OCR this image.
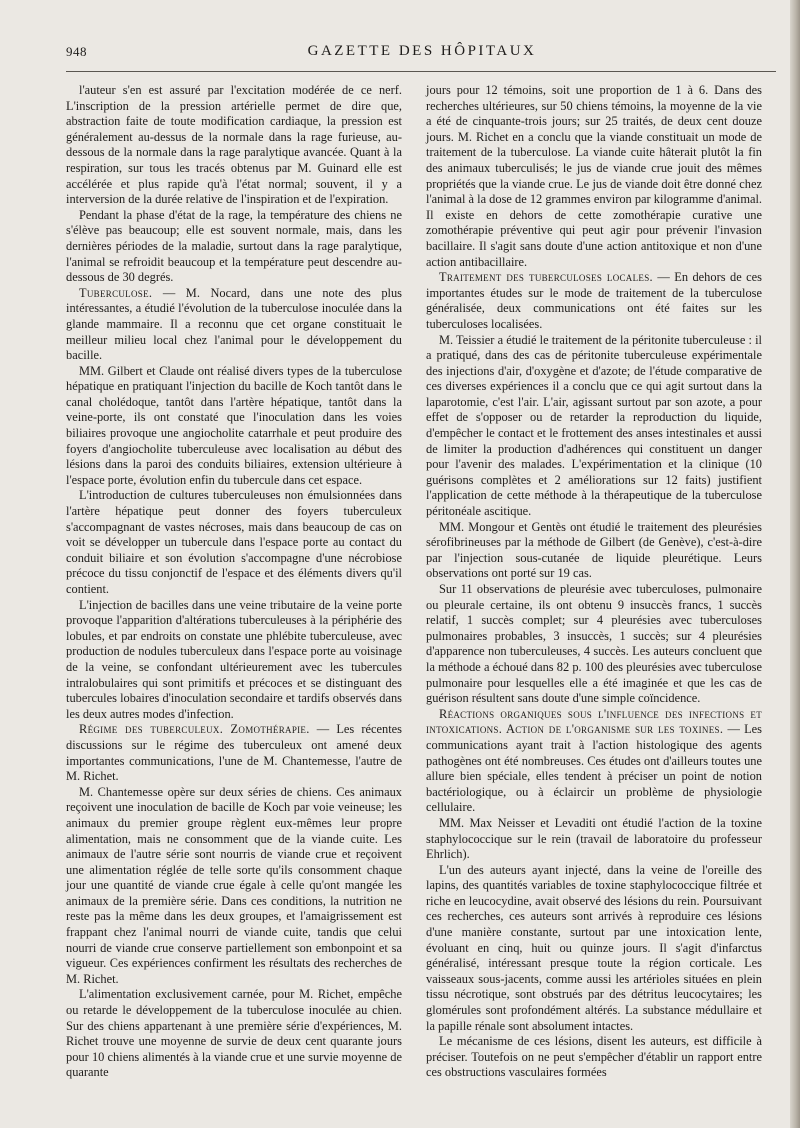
948	GAZETTE DES HÔPITAUX

l'auteur s'en est assuré par l'excitation modérée de ce nerf. L'inscription de la pression artérielle permet de dire que, abstraction faite de toute modification cardiaque, la pression est généralement au-dessus de la normale dans la rage furieuse, au-dessous de la normale dans la rage paralytique avancée. Quant à la respiration, sur tous les tracés obtenus par M. Guinard elle est accélérée et plus rapide qu'à l'état normal; souvent, il y a interversion de la durée relative de l'inspiration et de l'expiration.

Pendant la phase d'état de la rage, la température des chiens ne s'élève pas beaucoup; elle est souvent normale, mais, dans les dernières périodes de la maladie, surtout dans la rage paralytique, l'animal se refroidit beaucoup et la température peut descendre au-dessous de 30 degrés.

Tuberculose. — M. Nocard, dans une note des plus intéressantes, a étudié l'évolution de la tuberculose inoculée dans la glande mammaire. Il a reconnu que cet organe constituait le meilleur milieu local chez l'animal pour le développement du bacille.

MM. Gilbert et Claude ont réalisé divers types de la tuberculose hépatique en pratiquant l'injection du bacille de Koch tantôt dans le canal cholédoque, tantôt dans l'artère hépatique, tantôt dans la veine-porte, ils ont constaté que l'inoculation dans les voies biliaires provoque une angiocholite catarrhale et peut produire des foyers d'angiocholite tuberculeuse avec localisation au début des lésions dans la paroi des conduits biliaires, extension ultérieure à l'espace porte, évolution enfin du tubercule dans cet espace.

L'introduction de cultures tuberculeuses non émulsionnées dans l'artère hépatique peut donner des foyers tuberculeux s'accompagnant de vastes nécroses, mais dans beaucoup de cas on voit se développer un tubercule dans l'espace porte au contact du conduit biliaire et son évolution s'accompagne d'une nécrobiose précoce du tissu conjonctif de l'espace et des éléments divers qu'il contient.

L'injection de bacilles dans une veine tributaire de la veine porte provoque l'apparition d'altérations tuberculeuses à la périphérie des lobules, et par endroits on constate une phlébite tuberculeuse, avec production de nodules tuberculeux dans l'espace porte au voisinage de la veine, se confondant ultérieurement avec les tubercules intralobulaires qui sont primitifs et précoces et se distinguant des tubercules lobaires d'inoculation secondaire et tardifs observés dans les deux autres modes d'infection.

Régime des tuberculeux. Zomothérapie. — Les récentes discussions sur le régime des tuberculeux ont amené deux importantes communications, l'une de M. Chantemesse, l'autre de M. Richet.

M. Chantemesse opère sur deux séries de chiens. Ces animaux reçoivent une inoculation de bacille de Koch par voie veineuse; les animaux du premier groupe règlent eux-mêmes leur propre alimentation, mais ne consomment que de la viande cuite. Les animaux de l'autre série sont nourris de viande crue et reçoivent une alimentation réglée de telle sorte qu'ils consomment chaque jour une quantité de viande crue égale à celle qu'ont mangée les animaux de la première série. Dans ces conditions, la nutrition ne reste pas la même dans les deux groupes, et l'amaigrissement est frappant chez l'animal nourri de viande cuite, tandis que celui nourri de viande crue conserve partiellement son embonpoint et sa vigueur. Ces expériences confirment les résultats des recherches de M. Richet.

L'alimentation exclusivement carnée, pour M. Richet, empêche ou retarde le développement de la tuberculose inoculée au chien. Sur des chiens appartenant à une première série d'expériences, M. Richet trouve une moyenne de survie de deux cent quarante jours pour 10 chiens alimentés à la viande crue et une survie moyenne de quarante

jours pour 12 témoins, soit une proportion de 1 à 6. Dans des recherches ultérieures, sur 50 chiens témoins, la moyenne de la vie a été de cinquante-trois jours; sur 25 traités, de deux cent douze jours. M. Richet en a conclu que la viande constituait un mode de traitement de la tuberculose. La viande cuite hâterait plutôt la fin des animaux tuberculisés; le jus de viande crue jouit des mêmes propriétés que la viande crue. Le jus de viande doit être donné chez l'animal à la dose de 12 grammes environ par kilogramme d'animal. Il existe en dehors de cette zomothérapie curative une zomothérapie préventive qui peut agir pour prévenir l'invasion bacillaire. Il s'agit sans doute d'une action antitoxique et non d'une action antibacillaire.

Traitement des tuberculoses locales. — En dehors de ces importantes études sur le mode de traitement de la tuberculose généralisée, deux communications ont été faites sur les tuberculoses localisées.

M. Teissier a étudié le traitement de la péritonite tuberculeuse : il a pratiqué, dans des cas de péritonite tuberculeuse expérimentale des injections d'air, d'oxygène et d'azote; de l'étude comparative de ces diverses expériences il a conclu que ce qui agit surtout dans la laparotomie, c'est l'air. L'air, agissant surtout par son azote, a pour effet de s'opposer ou de retarder la reproduction du liquide, d'empêcher le contact et le frottement des anses intestinales et aussi de limiter la production d'adhérences qui constituent un danger pour l'avenir des malades. L'expérimentation et la clinique (10 guérisons complètes et 2 améliorations sur 12 faits) justifient l'application de cette méthode à la thérapeutique de la tuberculose péritonéale ascitique.

MM. Mongour et Gentès ont étudié le traitement des pleurésies sérofibrineuses par la méthode de Gilbert (de Genève), c'est-à-dire par l'injection sous-cutanée de liquide pleurétique. Leurs observations ont porté sur 19 cas.

Sur 11 observations de pleurésie avec tuberculoses, pulmonaire ou pleurale certaine, ils ont obtenu 9 insuccès francs, 1 succès relatif, 1 succès complet; sur 4 pleurésies avec tuberculoses pulmonaires probables, 3 insuccès, 1 succès; sur 4 pleurésies d'apparence non tuberculeuses, 4 succès. Les auteurs concluent que la méthode a échoué dans 82 p. 100 des pleurésies avec tuberculose pulmonaire pour lesquelles elle a été imaginée et que les cas de guérison résultent sans doute d'une simple coïncidence.

Réactions organiques sous l'influence des infections et intoxications. Action de l'organisme sur les toxines. — Les communications ayant trait à l'action histologique des agents pathogènes ont été nombreuses. Ces études ont d'ailleurs toutes une allure bien spéciale, elles tendent à préciser un point de notion bactériologique, ou à éclaircir un problème de physiologie cellulaire.

MM. Max Neisser et Levaditi ont étudié l'action de la toxine staphylococcique sur le rein (travail de laboratoire du professeur Ehrlich).

L'un des auteurs ayant injecté, dans la veine de l'oreille des lapins, des quantités variables de toxine staphylococcique filtrée et riche en leucocydine, avait observé des lésions du rein. Poursuivant ces recherches, ces auteurs sont arrivés à reproduire ces lésions d'une manière constante, surtout par une intoxication lente, évoluant en cinq, huit ou quinze jours. Il s'agit d'infarctus généralisé, intéressant presque toute la région corticale. Les vaisseaux sous-jacents, comme aussi les artérioles situées en plein tissu nécrotique, sont obstrués par des détritus leucocytaires; les glomérules sont profondément altérés. La substance médullaire et la papille rénale sont absolument intactes.

Le mécanisme de ces lésions, disent les auteurs, est difficile à préciser. Toutefois on ne peut s'empêcher d'établir un rapport entre ces obstructions vasculaires formées
